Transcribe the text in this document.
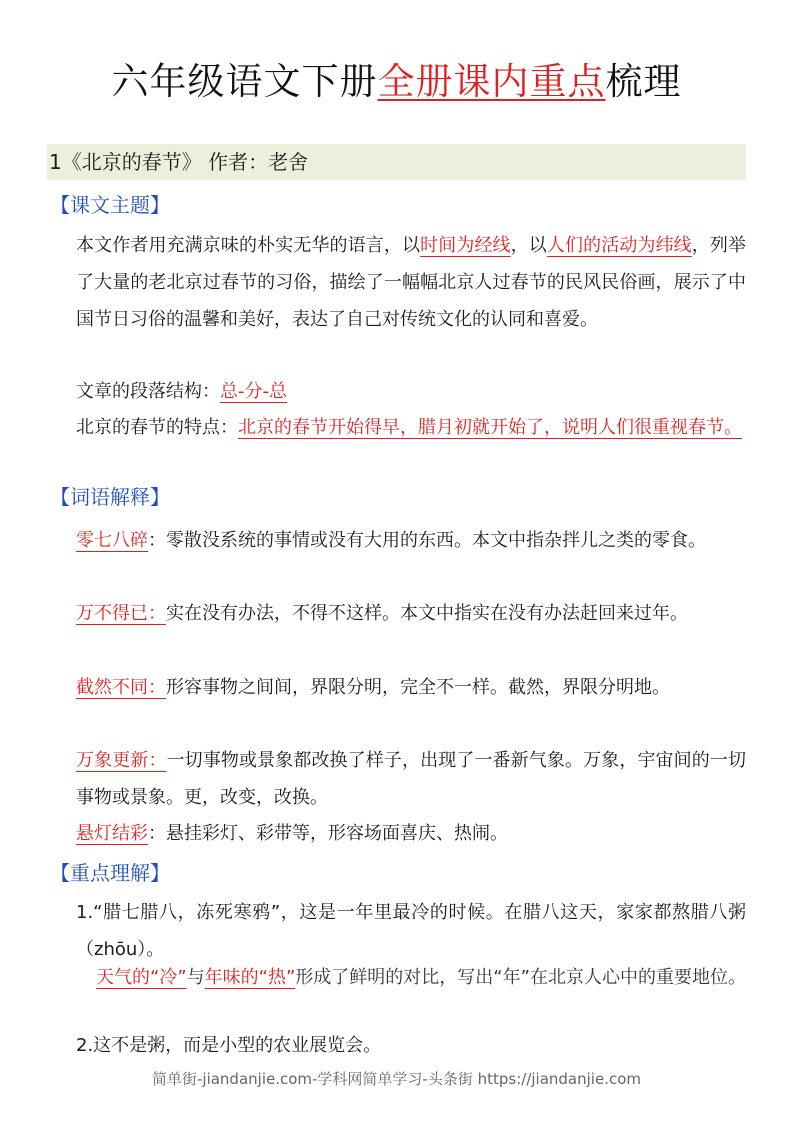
六年级语文下册全册课内重点梳理
1《北京的春节》 作者：老舍
【课文主题】
本文作者用充满京味的朴实无华的语言，以时间为经线，以人们的活动为纬线，列举了大量的老北京过春节的习俗，描绘了一幅幅北京人过春节的民风民俗画，展示了中国节日习俗的温馨和美好，表达了自己对传统文化的认同和喜爱。
文章的段落结构：总-分-总
北京的春节的特点：北京的春节开始得早，腊月初就开始了，说明人们很重视春节。
【词语解释】
零七八碎：零散没系统的事情或没有大用的东西。本文中指杂拌儿之类的零食。
万不得已：实在没有办法，不得不这样。本文中指实在没有办法赶回来过年。
截然不同：形容事物之间间，界限分明，完全不一样。截然，界限分明地。
万象更新：一切事物或景象都改换了样子，出现了一番新气象。万象，宇宙间的一切事物或景象。更，改变，改换。
悬灯结彩：悬挂彩灯、彩带等，形容场面喜庆、热闹。
【重点理解】
1.“腊七腊八，冻死寒鸦”，这是一年里最冷的时候。在腊八这天，家家都熬腊八粥（zhōu）。
天气的“冷”与年味的“热”形成了鲜明的对比，写出“年”在北京人心中的重要地位。
2.这不是粥，而是小型的农业展览会。
简单街-jiandanjie.com-学科网简单学习-头条街 https://jiandanjie.com
